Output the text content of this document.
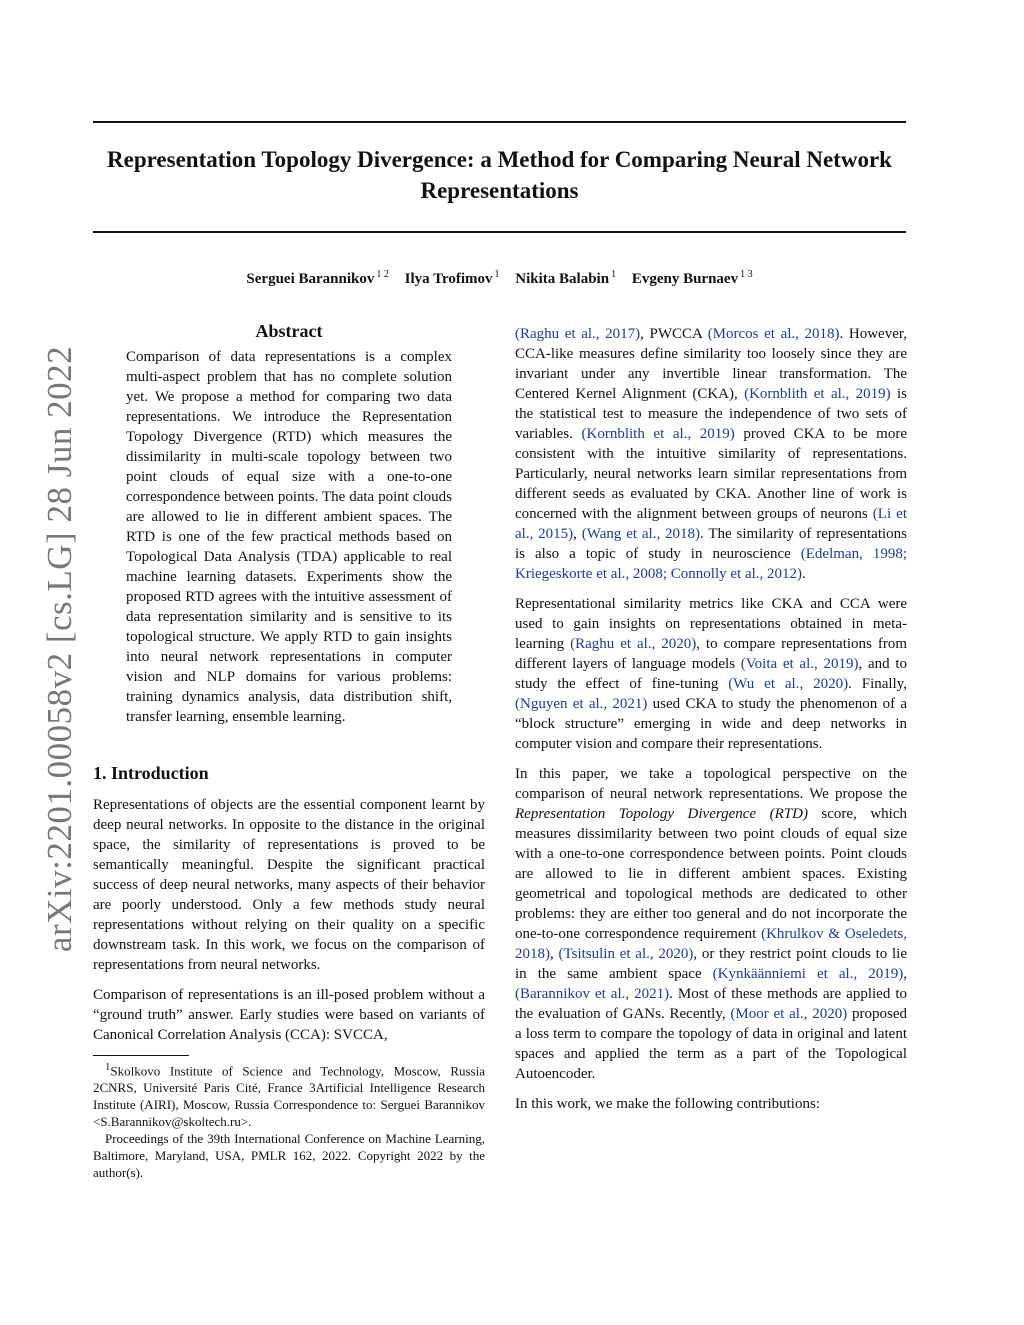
Representation Topology Divergence: a Method for Comparing Neural Network Representations
Serguei Barannikov $^{1 2}$ Ilya Trofimov $^1$ Nikita Balabin $^1$ Evgeny Burnaev $^{1 3}$
arXiv:2201.00058v2 [cs.LG] 28 Jun 2022
Abstract

Comparison of data representations is a complex multi-aspect problem that has no complete solution yet. We propose a method for comparing two data representations. We introduce the Representation Topology Divergence (RTD) which measures the dissimilarity in multi-scale topology between two point clouds of equal size with a one-to-one correspondence between points. The data point clouds are allowed to lie in different ambient spaces. The RTD is one of the few practical methods based on Topological Data Analysis (TDA) applicable to real machine learning datasets. Experiments show the proposed RTD agrees with the intuitive assessment of data representation similarity and is sensitive to its topological structure. We apply RTD to gain insights into neural network representations in computer vision and NLP domains for various problems: training dynamics analysis, data distribution shift, transfer learning, ensemble learning.

1. Introduction

Representations of objects are the essential component learnt by deep neural networks. In opposite to the distance in the original space, the similarity of representations is proved to be semantically meaningful. Despite the significant practical success of deep neural networks, many aspects of their behavior are poorly understood. Only a few methods study neural representations without relying on their quality on a specific downstream task. In this work, we focus on the comparison of representations from neural networks.

Comparison of representations is an ill-posed problem without a “ground truth” answer. Early studies were based on variants of Canonical Correlation Analysis (CCA): SVCCA,

$^1$Skolkovo Institute of Science and Technology, Moscow, Russia 2CNRS, Université Paris Cité, France 3Artificial Intelligence Research Institute (AIRI), Moscow, Russia Correspondence to: Serguei Barannikov <S.Barannikov@skoltech.ru>.

Proceedings of the 39th International Conference on Machine Learning, Baltimore, Maryland, USA, PMLR 162, 2022. Copyright 2022 by the author(s).

(Raghu et al., 2017), PWCCA (Morcos et al., 2018). However, CCA-like measures define similarity too loosely since they are invariant under any invertible linear transformation. The Centered Kernel Alignment (CKA), (Kornblith et al., 2019) is the statistical test to measure the independence of two sets of variables. (Kornblith et al., 2019) proved CKA to be more consistent with the intuitive similarity of representations. Particularly, neural networks learn similar representations from different seeds as evaluated by CKA. Another line of work is concerned with the alignment between groups of neurons (Li et al., 2015), (Wang et al., 2018). The similarity of representations is also a topic of study in neuroscience (Edelman, 1998; Kriegeskorte et al., 2008; Connolly et al., 2012).

Representational similarity metrics like CKA and CCA were used to gain insights on representations obtained in meta-learning (Raghu et al., 2020), to compare representations from different layers of language models (Voita et al., 2019), and to study the effect of fine-tuning (Wu et al., 2020). Finally, (Nguyen et al., 2021) used CKA to study the phenomenon of a “block structure” emerging in wide and deep networks in computer vision and compare their representations.

In this paper, we take a topological perspective on the comparison of neural network representations. We propose the Representation Topology Divergence (RTD) score, which measures dissimilarity between two point clouds of equal size with a one-to-one correspondence between points. Point clouds are allowed to lie in different ambient spaces. Existing geometrical and topological methods are dedicated to other problems: they are either too general and do not incorporate the one-to-one correspondence requirement (Khrulkov & Oseledets, 2018), (Tsitsulin et al., 2020), or they restrict point clouds to lie in the same ambient space (Kynkäänniemi et al., 2019), (Barannikov et al., 2021). Most of these methods are applied to the evaluation of GANs. Recently, (Moor et al., 2020) proposed a loss term to compare the topology of data in original and latent spaces and applied the term as a part of the Topological Autoencoder.

In this work, we make the following contributions:
